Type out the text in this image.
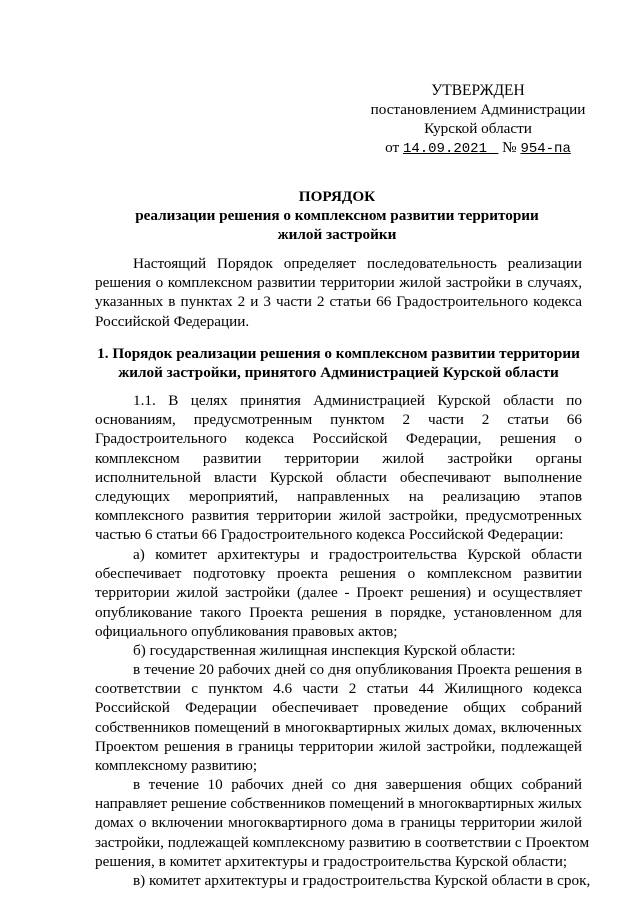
УТВЕРЖДЕН
постановлением Администрации
Курской области
от 14.09.2021 № 954-па
ПОРЯДОК
реализации решения о комплексном развитии территории
жилой застройки
Настоящий Порядок определяет последовательность реализации
решения о комплексном развитии территории жилой застройки в случаях,
указанных в пунктах 2 и 3 части 2 статьи 66 Градостроительного кодекса
Российской Федерации.
1. Порядок реализации решения о комплексном развитии территории
жилой застройки, принятого Администрацией Курской области
1.1. В целях принятия Администрацией Курской области по
основаниям, предусмотренным пунктом 2 части 2 статьи 66
Градостроительного кодекса Российской Федерации, решения о
комплексном развитии территории жилой застройки органы
исполнительной власти Курской области обеспечивают выполнение
следующих мероприятий, направленных на реализацию этапов
комплексного развития территории жилой застройки, предусмотренных
частью 6 статьи 66 Градостроительного кодекса Российской Федерации:
а) комитет архитектуры и градостроительства Курской области
обеспечивает подготовку проекта решения о комплексном развитии
территории жилой застройки (далее - Проект решения) и осуществляет
опубликование такого Проекта решения в порядке, установленном для
официального опубликования правовых актов;
б) государственная жилищная инспекция Курской области:
в течение 20 рабочих дней со дня опубликования Проекта решения в
соответствии с пунктом 4.6 части 2 статьи 44 Жилищного кодекса
Российской Федерации обеспечивает проведение общих собраний
собственников помещений в многоквартирных жилых домах, включенных
Проектом решения в границы территории жилой застройки, подлежащей
комплексному развитию;
в течение 10 рабочих дней со дня завершения общих собраний
направляет решение собственников помещений в многоквартирных жилых
домах о включении многоквартирного дома в границы территории жилой
застройки, подлежащей комплексному развитию в соответствии с Проектом
решения, в комитет архитектуры и градостроительства Курской области;
в) комитет архитектуры и градостроительства Курской области в срок,
